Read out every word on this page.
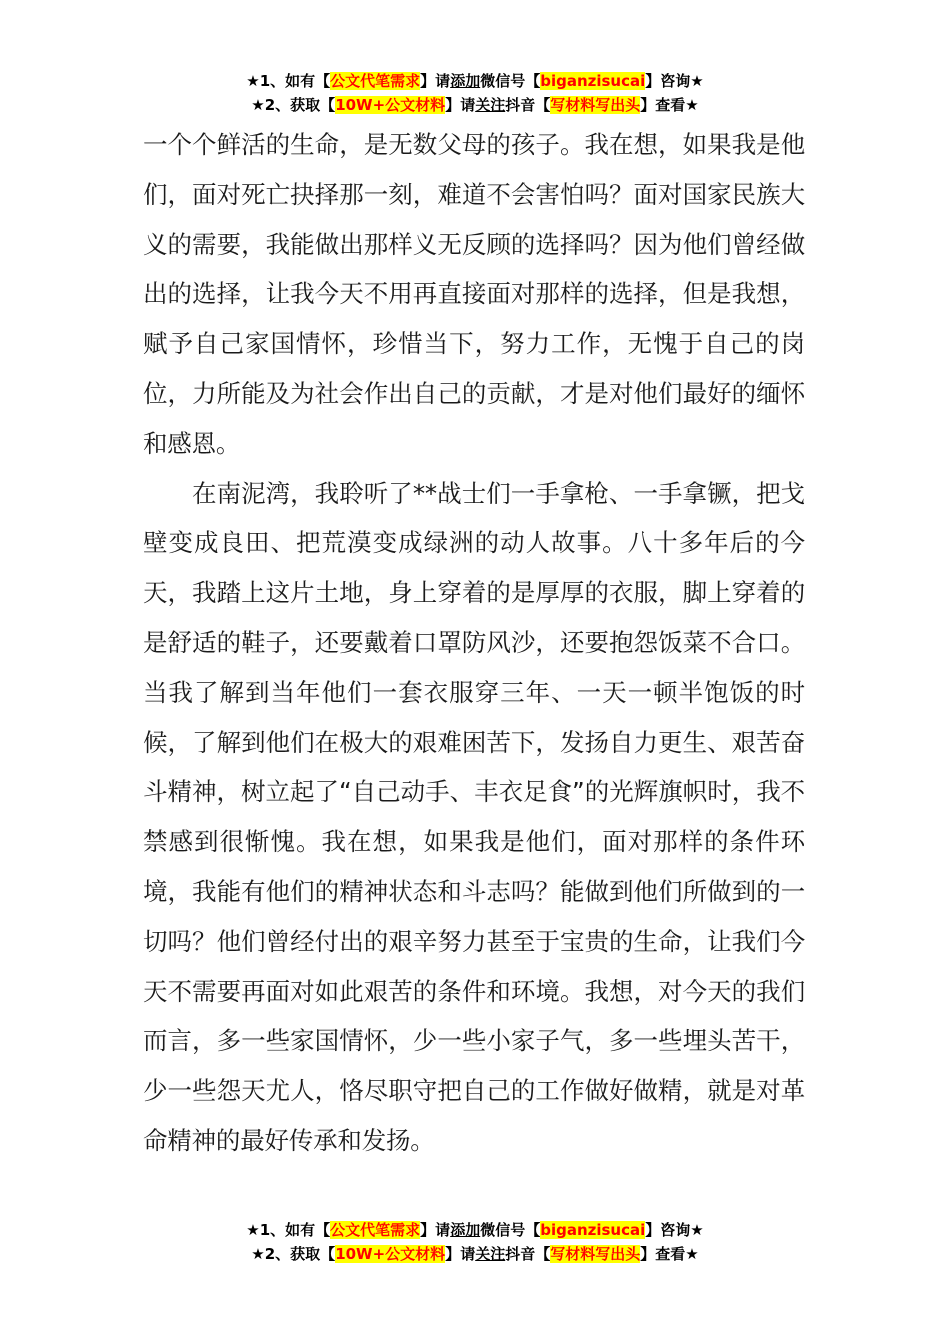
★1、如有【公文代笔需求】请添加微信号【biganzisucai】咨询★
★2、获取【10W+公文材料】请关注抖音【写材料写出头】查看★

一个个鲜活的生命，是无数父母的孩子。我在想，如果我是他们，面对死亡抉择那一刻，难道不会害怕吗？面对国家民族大义的需要，我能做出那样义无反顾的选择吗？因为他们曾经做出的选择，让我今天不用再直接面对那样的选择，但是我想，赋予自己家国情怀，珍惜当下，努力工作，无愧于自己的岗位，力所能及为社会作出自己的贡献，才是对他们最好的缅怀和感恩。

在南泥湾，我聆听了**战士们一手拿枪、一手拿镢，把戈壁变成良田、把荒漠变成绿洲的动人故事。八十多年后的今天，我踏上这片土地，身上穿着的是厚厚的衣服，脚上穿着的是舒适的鞋子，还要戴着口罩防风沙，还要抱怨饭菜不合口。当我了解到当年他们一套衣服穿三年、一天一顿半饱饭的时候，了解到他们在极大的艰难困苦下，发扬自力更生、艰苦奋斗精神，树立起了“自己动手、丰衣足食”的光辉旗帜时，我不禁感到很惭愧。我在想，如果我是他们，面对那样的条件环境，我能有他们的精神状态和斗志吗？能做到他们所做到的一切吗？他们曾经付出的艰辛努力甚至于宝贵的生命，让我们今天不需要再面对如此艰苦的条件和环境。我想，对今天的我们而言，多一些家国情怀，少一些小家子气，多一些埋头苦干，少一些怨天尤人，恪尽职守把自己的工作做好做精，就是对革命精神的最好传承和发扬。

★1、如有【公文代笔需求】请添加微信号【biganzisucai】咨询★
★2、获取【10W+公文材料】请关注抖音【写材料写出头】查看★
